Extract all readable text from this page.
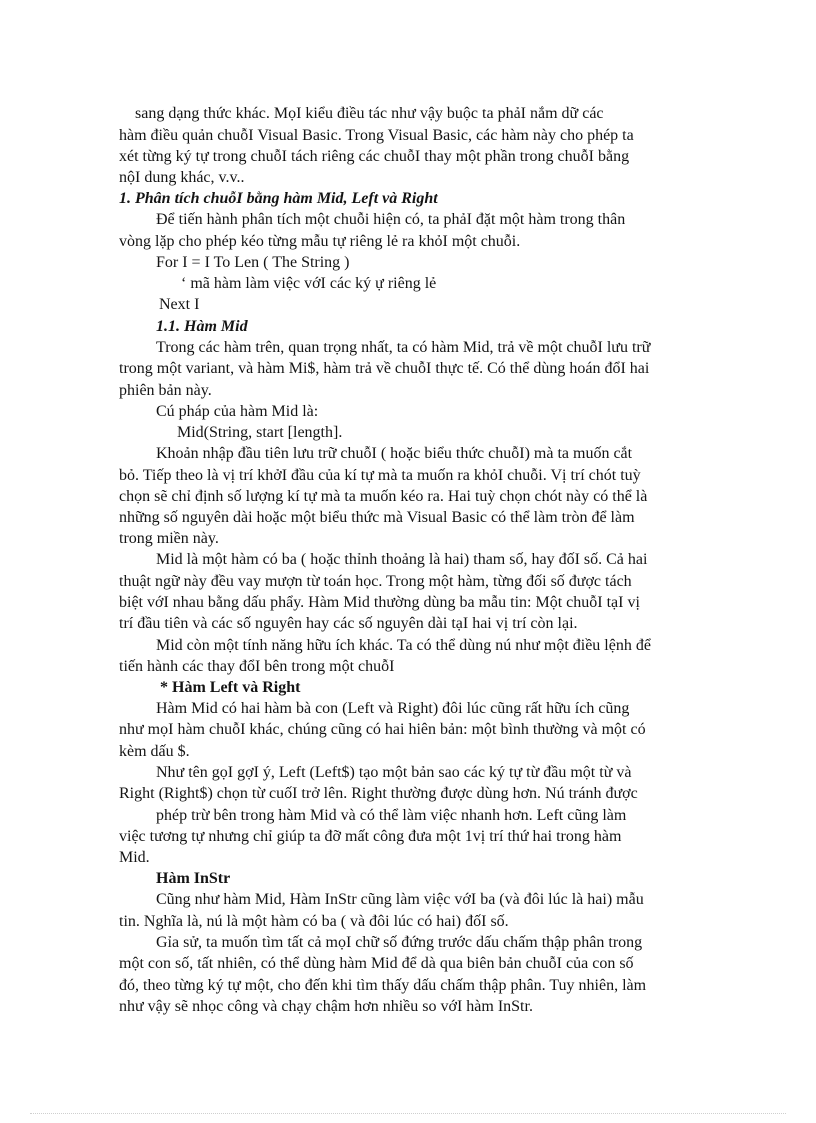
sang dạng thức khác. MọI kiểu điều tác như vậy buộc ta phảI nắm dữ các
hàm điều quản chuỗI Visual Basic. Trong Visual Basic, các hàm này cho phép ta
xét từng ký tự trong chuỗI tách riêng các chuỗI thay một phần trong chuỗI bằng
nộI dung khác, v.v..
1. Phân tích chuỗI bằng hàm Mid, Left và Right
Để tiến hành phân tích một chuỗi hiện có, ta phảI đặt một hàm trong thân
vòng lặp cho phép kéo từng mẫu tự riêng lẻ ra khỏI một chuỗi.
For I = I To Len ( The String )
‘ mã hàm làm việc vớI các ký ự riêng lẻ
Next I
1.1. Hàm Mid
Trong các hàm trên, quan trọng nhất, ta có hàm Mid, trả về một chuỗI lưu trữ
trong một variant, và hàm Mi$, hàm trả về chuỗI thực tế. Có thể dùng hoán đổI hai
phiên bản này.
Cú pháp của hàm Mid là:
Mid(String, start [length].
Khoản nhập đầu tiên lưu trữ chuỗI ( hoặc biểu thức chuỗI) mà ta muốn cắt
bỏ. Tiếp theo là vị trí khởI đầu của kí tự mà ta muốn ra khỏI chuỗi. Vị trí chót tuỳ
chọn sẽ chỉ định số lượng kí tự mà ta muốn kéo ra. Hai tuỳ chọn chót này có thể là
những số nguyên dài hoặc một biểu thức mà Visual Basic có thể làm tròn để làm
trong miền này.
Mid là một hàm có ba ( hoặc thỉnh thoảng là hai) tham số, hay đốI số. Cả hai
thuật ngữ này đều vay mượn từ toán học. Trong một hàm, từng đối số được tách
biệt vớI nhau bằng dấu phẩy. Hàm Mid thường dùng ba mẫu tin: Một chuỗI tạI vị
trí đầu tiên và các số nguyên hay các số nguyên dài tạI hai vị trí còn lại.
Mid còn một tính năng hữu ích khác. Ta có thể dùng nú như một điều lệnh để
tiến hành các thay đổI bên trong một chuỗI
* Hàm Left và Right
Hàm Mid có hai hàm bà con (Left và Right) đôi lúc cũng rất hữu ích cũng
như mọI hàm chuỗI khác, chúng cũng có hai hiên bản: một bình thường và một có
kèm dấu $.
Như tên gọI gợI ý, Left (Left$) tạo một bản sao các ký tự từ đầu một từ và
Right (Right$) chọn từ cuốI trở lên. Right thường được dùng hơn. Nú tránh được
phép trừ bên trong hàm Mid và có thể làm việc nhanh hơn. Left cũng làm
việc tương tự nhưng chỉ giúp ta đỡ mất công đưa một 1vị trí thứ hai trong hàm
Mid.
Hàm InStr
Cũng như hàm Mid, Hàm InStr cũng làm việc vớI ba (và đôi lúc là hai) mẫu
tin. Nghĩa là, nú là một hàm có ba ( và đôi lúc có hai) đốI số.
Gỉa sử, ta muốn tìm tất cả mọI chữ số đứng trước dấu chấm thập phân trong
một con số, tất nhiên, có thể dùng hàm Mid để dà qua biên bản chuỗI của con số
đó, theo từng ký tự một, cho đến khi tìm thấy dấu chấm thập phân. Tuy nhiên, làm
như vậy sẽ nhọc công và chạy chậm hơn nhiều so vớI hàm InStr.
